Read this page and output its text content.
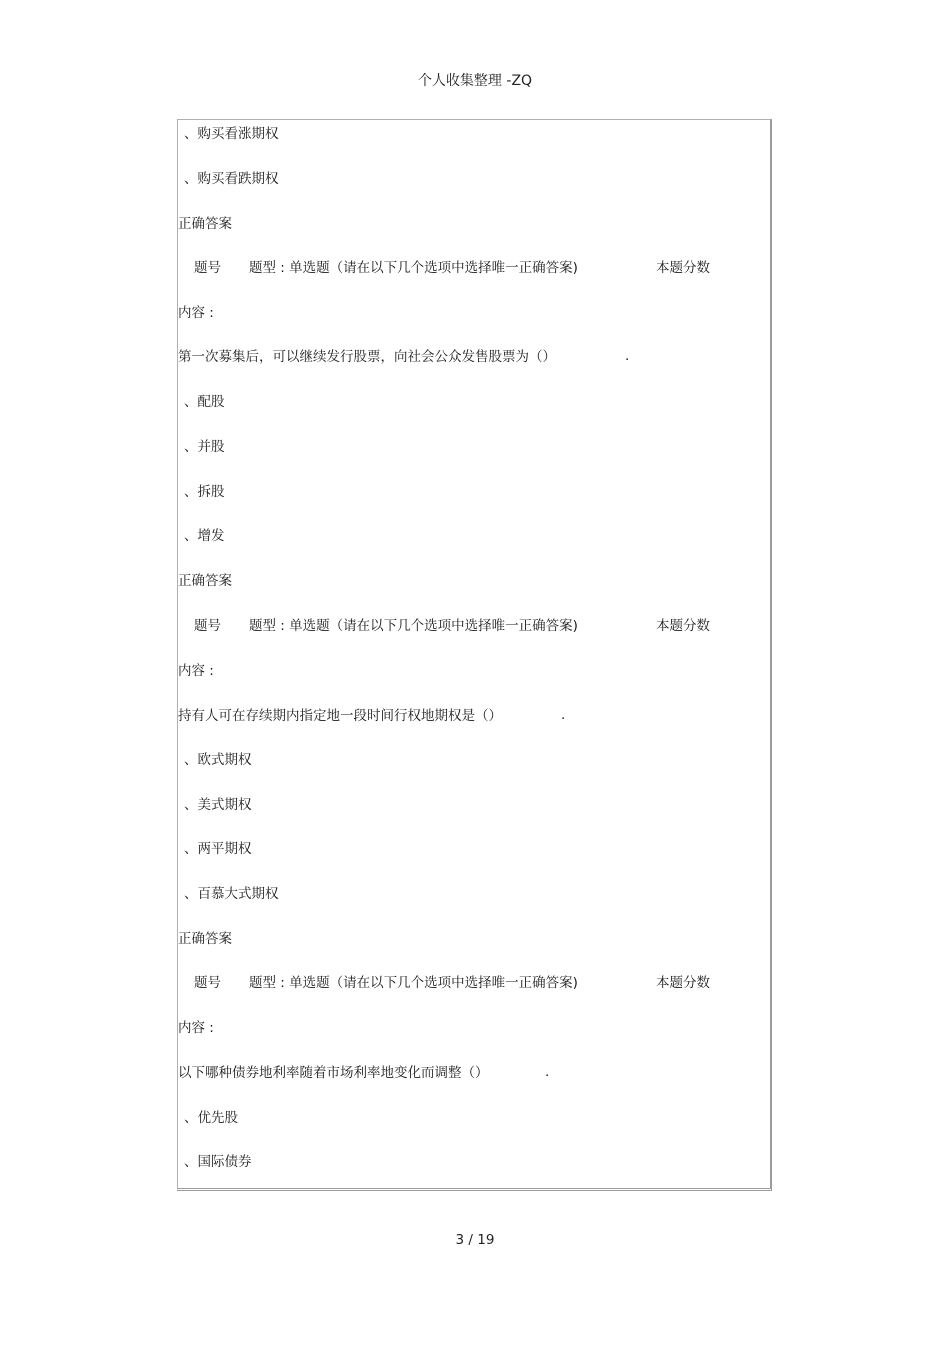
个人收集整理 -ZQ
、购买看涨期权
、购买看跌期权
正确答案
题号 题型 : 单选题（请在以下几个选项中选择唯一正确答案)	本题分数
内容 :
第一次募集后，可以继续发行股票，向社会公众发售股票为（）	.
、配股
、并股
、拆股
、增发
正确答案
题号 题型 : 单选题（请在以下几个选项中选择唯一正确答案)	本题分数
内容 :
持有人可在存续期内指定地一段时间行权地期权是（）	.
、欧式期权
、美式期权
、两平期权
、百慕大式期权
正确答案
题号 题型 : 单选题（请在以下几个选项中选择唯一正确答案)	本题分数
内容 :
以下哪种债券地利率随着市场利率地变化而调整（）	.
、优先股
、国际债券
3 / 19
